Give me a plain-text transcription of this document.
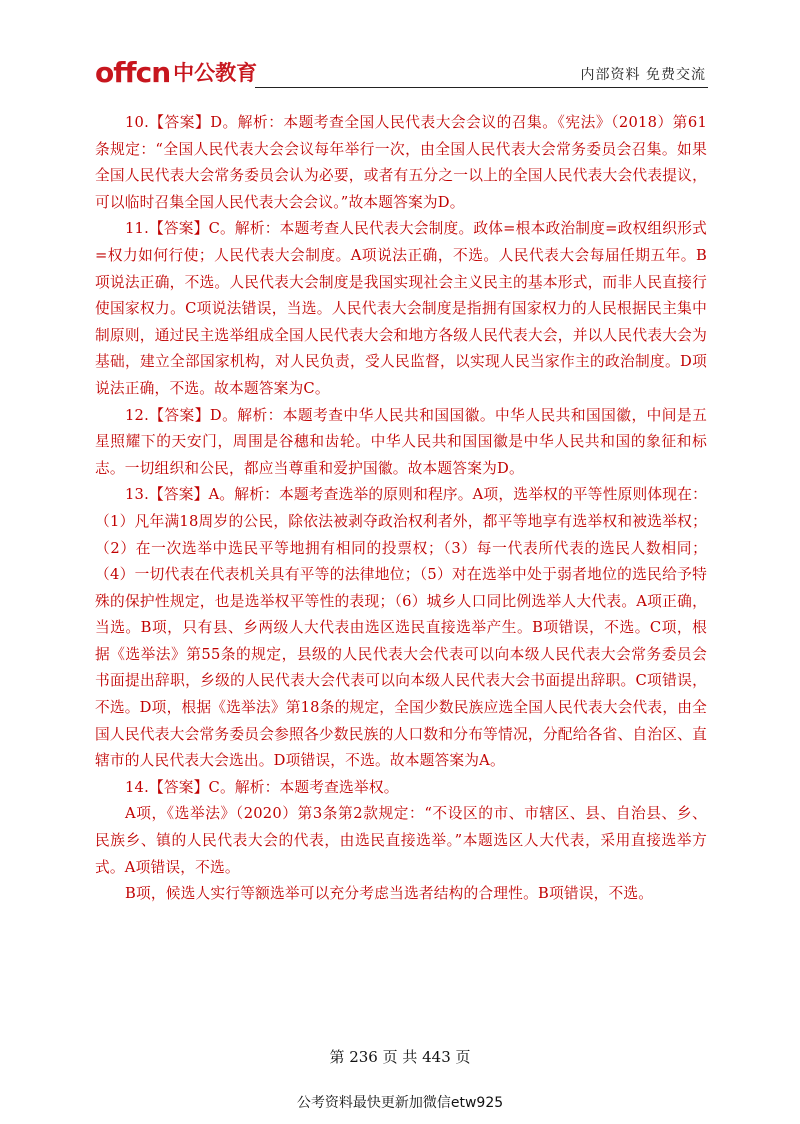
offcn 中公教育	内部资料 免费交流

10.【答案】D。解析：本题考查全国人民代表大会会议的召集。《宪法》（2018）第61条规定：“全国人民代表大会会议每年举行一次，由全国人民代表大会常务委员会召集。如果全国人民代表大会常务委员会认为必要，或者有五分之一以上的全国人民代表大会代表提议，可以临时召集全国人民代表大会会议。”故本题答案为D。

11.【答案】C。解析：本题考查人民代表大会制度。政体=根本政治制度=政权组织形式=权力如何行使；人民代表大会制度。A项说法正确，不选。人民代表大会每届任期五年。B项说法正确，不选。人民代表大会制度是我国实现社会主义民主的基本形式，而非人民直接行使国家权力。C项说法错误，当选。人民代表大会制度是指拥有国家权力的人民根据民主集中制原则，通过民主选举组成全国人民代表大会和地方各级人民代表大会，并以人民代表大会为基础，建立全部国家机构，对人民负责，受人民监督，以实现人民当家作主的政治制度。D项说法正确，不选。故本题答案为C。

12.【答案】D。解析：本题考查中华人民共和国国徽。中华人民共和国国徽，中间是五星照耀下的天安门，周围是谷穗和齿轮。中华人民共和国国徽是中华人民共和国的象征和标志。一切组织和公民，都应当尊重和爱护国徽。故本题答案为D。

13.【答案】A。解析：本题考查选举的原则和程序。A项，选举权的平等性原则体现在：（1）凡年满18周岁的公民，除依法被剥夺政治权利者外，都平等地享有选举权和被选举权；（2）在一次选举中选民平等地拥有相同的投票权；（3）每一代表所代表的选民人数相同；（4）一切代表在代表机关具有平等的法律地位；（5）对在选举中处于弱者地位的选民给予特殊的保护性规定，也是选举权平等性的表现；（6）城乡人口同比例选举人大代表。A项正确，当选。B项，只有县、乡两级人大代表由选区选民直接选举产生。B项错误，不选。C项，根据《选举法》第55条的规定，县级的人民代表大会代表可以向本级人民代表大会常务委员会书面提出辞职，乡级的人民代表大会代表可以向本级人民代表大会书面提出辞职。C项错误，不选。D项，根据《选举法》第18条的规定，全国少数民族应选全国人民代表大会代表，由全国人民代表大会常务委员会参照各少数民族的人口数和分布等情况，分配给各省、自治区、直辖市的人民代表大会选出。D项错误，不选。故本题答案为A。

14.【答案】C。解析：本题考查选举权。

A项，《选举法》（2020）第3条第2款规定：“不设区的市、市辖区、县、自治县、乡、民族乡、镇的人民代表大会的代表，由选民直接选举。”本题选区人大代表，采用直接选举方式。A项错误，不选。

B项，候选人实行等额选举可以充分考虑当选者结构的合理性。B项错误，不选。

第 236 页 共 443 页
公考资料最快更新加微信etw925
